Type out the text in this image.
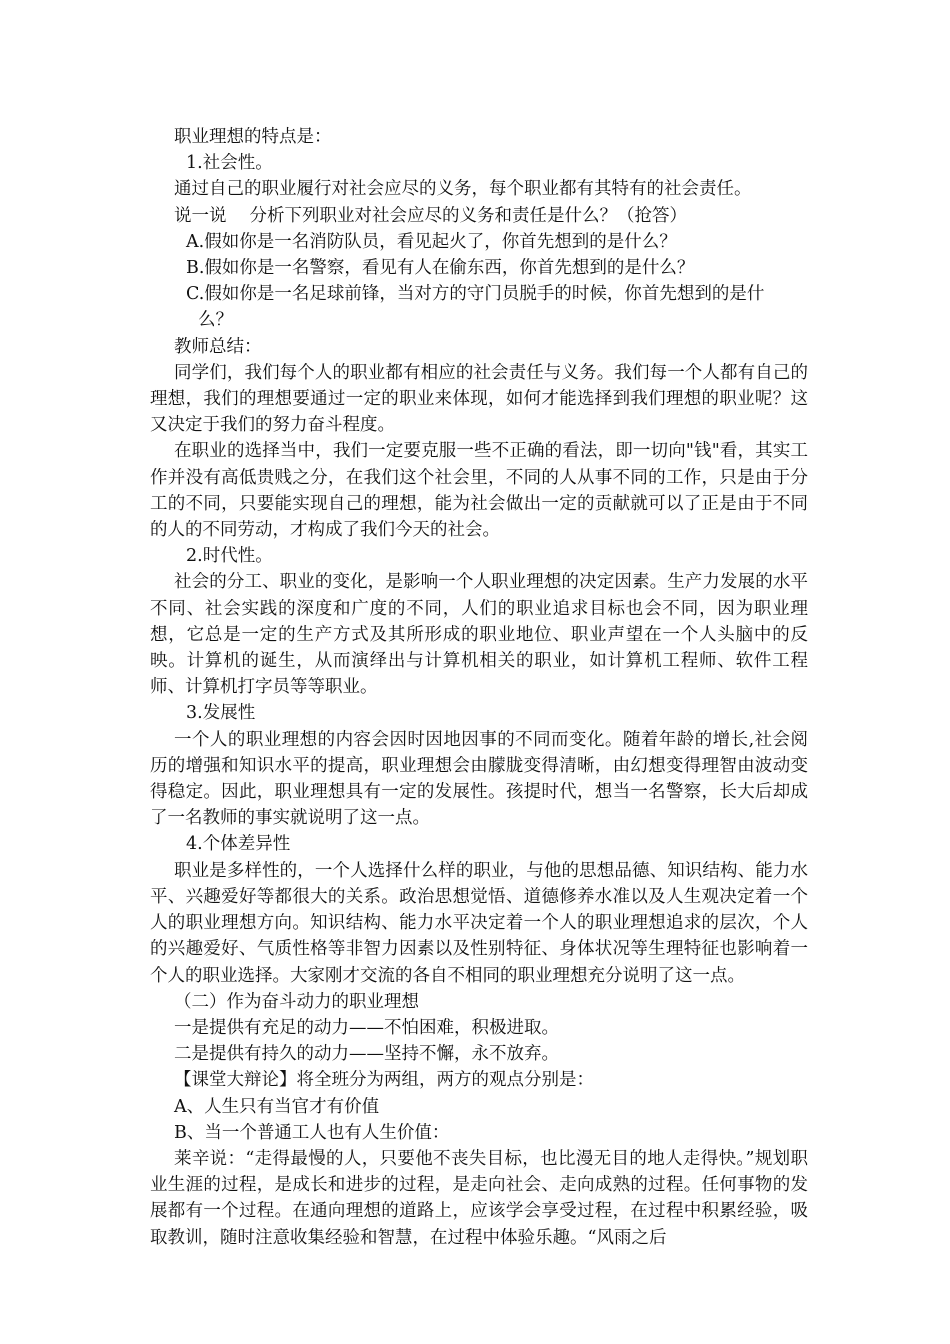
职业理想的特点是：

1.社会性。

通过自己的职业履行对社会应尽的义务，每个职业都有其特有的社会责任。

说一说　 分析下列职业对社会应尽的义务和责任是什么？（抢答）

A.假如你是一名消防队员，看见起火了，你首先想到的是什么？

B.假如你是一名警察，看见有人在偷东西，你首先想到的是什么？

C.假如你是一名足球前锋，当对方的守门员脱手的时候，你首先想到的是什
么？

教师总结：

同学们，我们每个人的职业都有相应的社会责任与义务。我们每一个人都有自己的理想，我们的理想要通过一定的职业来体现，如何才能选择到我们理想的职业呢？这又决定于我们的努力奋斗程度。

在职业的选择当中，我们一定要克服一些不正确的看法，即一切向"钱"看，其实工作并没有高低贵贱之分，在我们这个社会里，不同的人从事不同的工作，只是由于分工的不同，只要能实现自己的理想，能为社会做出一定的贡献就可以了正是由于不同的人的不同劳动，才构成了我们今天的社会。

2.时代性。

社会的分工、职业的变化，是影响一个人职业理想的决定因素。生产力发展的水平不同、社会实践的深度和广度的不同，人们的职业追求目标也会不同，因为职业理想，它总是一定的生产方式及其所形成的职业地位、职业声望在一个人头脑中的反映。计算机的诞生，从而演绎出与计算机相关的职业，如计算机工程师、软件工程师、计算机打字员等等职业。

3.发展性

一个人的职业理想的内容会因时因地因事的不同而变化。随着年龄的增长,社会阅历的增强和知识水平的提高，职业理想会由朦胧变得清晰，由幻想变得理智由波动变得稳定。因此，职业理想具有一定的发展性。孩提时代，想当一名警察，长大后却成了一名教师的事实就说明了这一点。

4.个体差异性

职业是多样性的，一个人选择什么样的职业，与他的思想品德、知识结构、能力水平、兴趣爱好等都很大的关系。政治思想觉悟、道德修养水准以及人生观决定着一个人的职业理想方向。知识结构、能力水平决定着一个人的职业理想追求的层次，个人的兴趣爱好、气质性格等非智力因素以及性别特征、身体状况等生理特征也影响着一个人的职业选择。大家刚才交流的各自不相同的职业理想充分说明了这一点。

（二）作为奋斗动力的职业理想

一是提供有充足的动力——不怕困难，积极进取。

二是提供有持久的动力——坚持不懈，永不放弃。

【课堂大辩论】将全班分为两组，两方的观点分别是：

A、人生只有当官才有价值

B、当一个普通工人也有人生价值：

莱辛说：“走得最慢的人，只要他不丧失目标，也比漫无目的地人走得快。”规划职业生涯的过程，是成长和进步的过程，是走向社会、走向成熟的过程。任何事物的发展都有一个过程。在通向理想的道路上，应该学会享受过程，在过程中积累经验，吸取教训，随时注意收集经验和智慧，在过程中体验乐趣。“风雨之后
